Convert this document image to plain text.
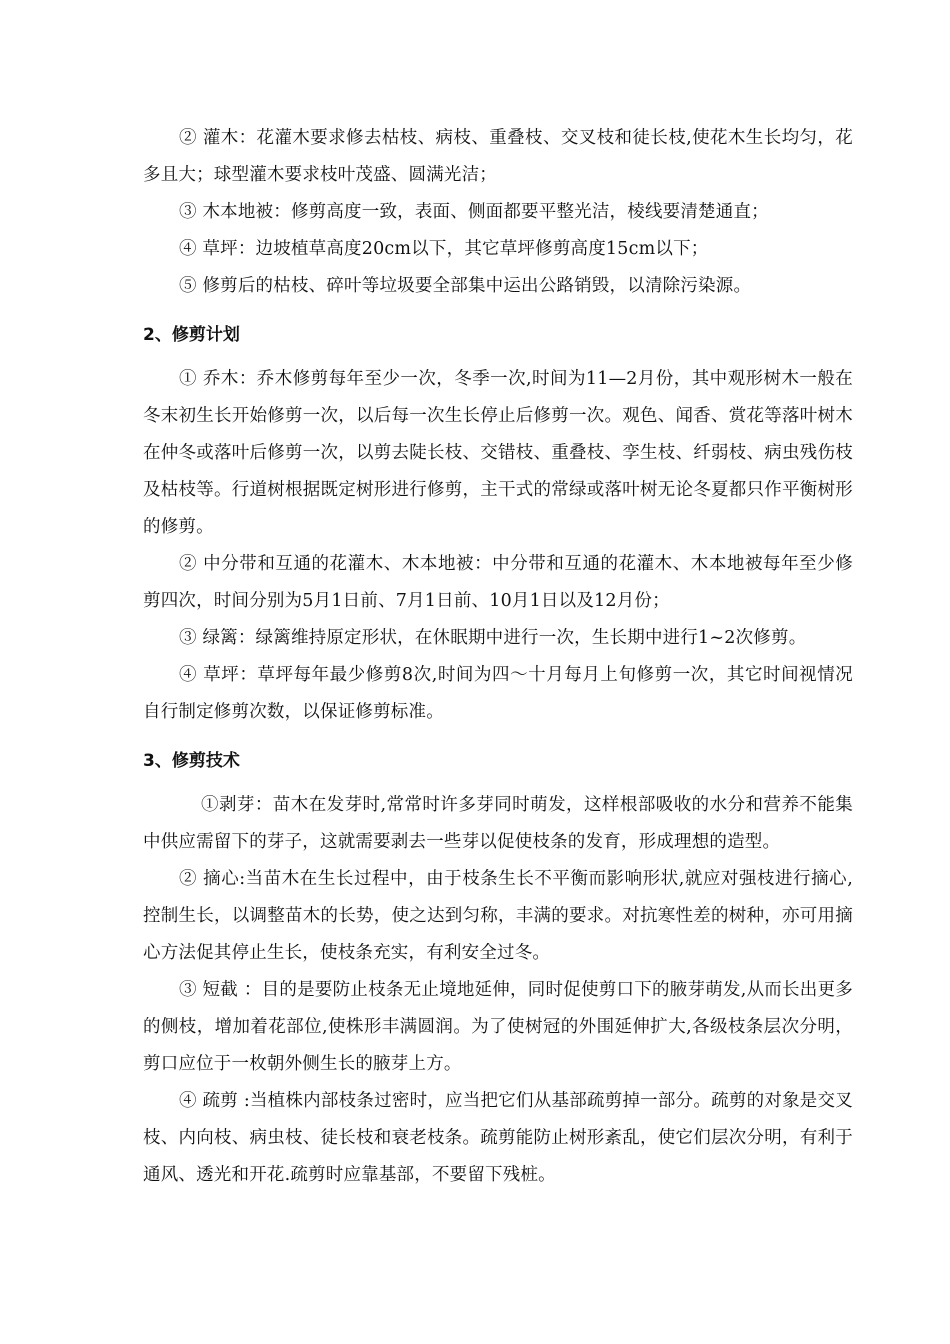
② 灌木：花灌木要求修去枯枝、病枝、重叠枝、交叉枝和徒长枝,使花木生长均匀，花多且大；球型灌木要求枝叶茂盛、圆满光洁；

③ 木本地被：修剪高度一致，表面、侧面都要平整光洁，棱线要清楚通直；

④ 草坪：边坡植草高度20cm以下，其它草坪修剪高度15cm以下；

⑤ 修剪后的枯枝、碎叶等垃圾要全部集中运出公路销毁，以清除污染源。

2、修剪计划

① 乔木：乔木修剪每年至少一次，冬季一次,时间为11—2月份，其中观形树木一般在冬末初生长开始修剪一次，以后每一次生长停止后修剪一次。观色、闻香、赏花等落叶树木在仲冬或落叶后修剪一次，以剪去陡长枝、交错枝、重叠枝、孪生枝、纤弱枝、病虫残伤枝及枯枝等。行道树根据既定树形进行修剪，主干式的常绿或落叶树无论冬夏都只作平衡树形的修剪。

② 中分带和互通的花灌木、木本地被：中分带和互通的花灌木、木本地被每年至少修剪四次，时间分别为5月1日前、7月1日前、10月1日以及12月份；

③ 绿篱：绿篱维持原定形状，在休眠期中进行一次，生长期中进行1~2次修剪。

④ 草坪：草坪每年最少修剪8次,时间为四～十月每月上旬修剪一次，其它时间视情况自行制定修剪次数，以保证修剪标准。

3、修剪技术

①剥芽：苗木在发芽时,常常时许多芽同时萌发，这样根部吸收的水分和营养不能集中供应需留下的芽子，这就需要剥去一些芽以促使枝条的发育，形成理想的造型。

② 摘心:当苗木在生长过程中，由于枝条生长不平衡而影响形状,就应对强枝进行摘心,控制生长，以调整苗木的长势，使之达到匀称，丰满的要求。对抗寒性差的树种，亦可用摘心方法促其停止生长，使枝条充实，有利安全过冬。

③ 短截 ：目的是要防止枝条无止境地延伸，同时促使剪口下的腋芽萌发,从而长出更多的侧枝，增加着花部位,使株形丰满圆润。为了使树冠的外围延伸扩大,各级枝条层次分明，剪口应位于一枚朝外侧生长的腋芽上方。

④ 疏剪 :当植株内部枝条过密时，应当把它们从基部疏剪掉一部分。疏剪的对象是交叉枝、内向枝、病虫枝、徒长枝和衰老枝条。疏剪能防止树形紊乱，使它们层次分明，有利于通风、透光和开花.疏剪时应靠基部，不要留下残桩。
